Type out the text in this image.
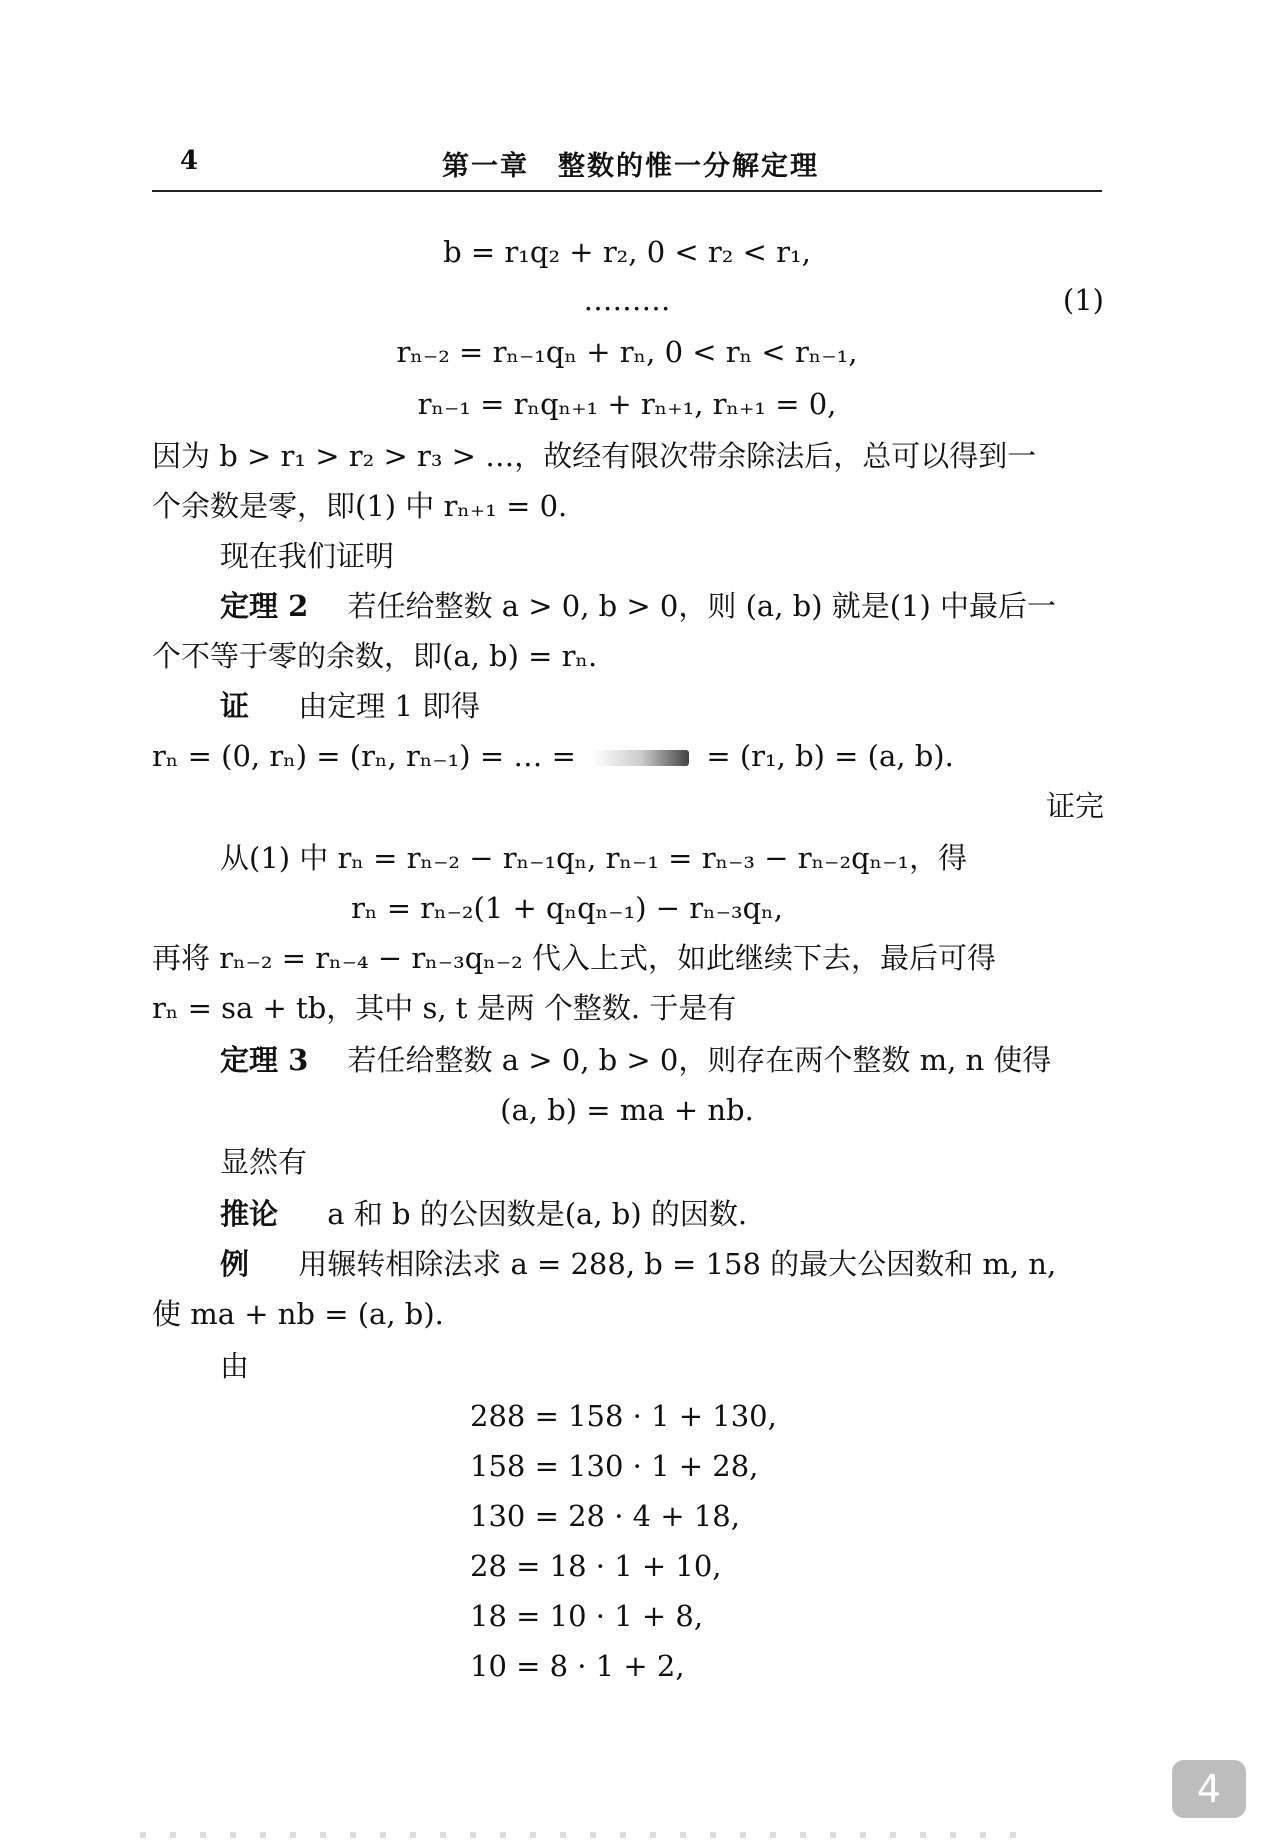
4	第一章　整数的惟一分解定理
b = r₁q₂ + r₂, 0 < r₂ < r₁,
………	(1)
rₙ₋₂ = rₙ₋₁qₙ + rₙ, 0 < rₙ < rₙ₋₁,
rₙ₋₁ = rₙqₙ₊₁ + rₙ₊₁, rₙ₊₁ = 0,
因为 b > r₁ > r₂ > r₃ > …，故经有限次带余除法后，总可以得到一
个余数是零，即(1) 中 rₙ₊₁ = 0.
现在我们证明
定理 2 若任给整数 a > 0, b > 0，则 (a, b) 就是(1) 中最后一
个不等于零的余数，即(a, b) = rₙ.
证 由定理 1 即得
rₙ = (0, rₙ) = (rₙ, rₙ₋₁) = … =	= (r₁, b) = (a, b).
证完
从(1) 中 rₙ = rₙ₋₂ − rₙ₋₁qₙ, rₙ₋₁ = rₙ₋₃ − rₙ₋₂qₙ₋₁，得
rₙ = rₙ₋₂(1 + qₙqₙ₋₁) − rₙ₋₃qₙ,
再将 rₙ₋₂ = rₙ₋₄ − rₙ₋₃qₙ₋₂ 代入上式，如此继续下去，最后可得
rₙ = sa + tb，其中 s, t 是两 个整数. 于是有
定理 3 若任给整数 a > 0, b > 0，则存在两个整数 m, n 使得
(a, b) = ma + nb.
显然有
推论 a 和 b 的公因数是(a, b) 的因数.
例 用辗转相除法求 a = 288, b = 158 的最大公因数和 m, n,
使 ma + nb = (a, b).
由
288 = 158 · 1 + 130,
158 = 130 · 1 + 28,
130 = 28 · 4 + 18,
28 = 18 · 1 + 10,
18 = 10 · 1 + 8,
10 = 8 · 1 + 2,
4
